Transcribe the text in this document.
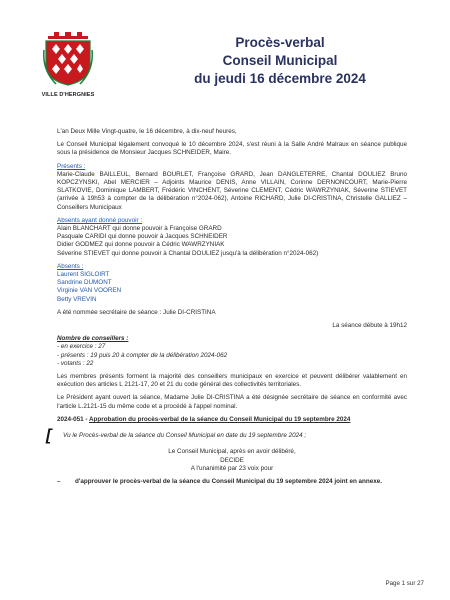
VILLE D'HERGNIES
Procès-verbal
Conseil Municipal
du jeudi 16 décembre 2024

L'an Deux Mille Vingt-quatre, le 16 décembre, à dix-neuf heures,

Le Conseil Municipal légalement convoqué le 10 décembre 2024, s'est réuni à la Salle André Malraux en séance publique sous la présidence de Monsieur Jacques SCHNEIDER, Maire.

Présents :

Marie-Claude BAILLEUL, Bernard BOURLET, Françoise GRARD, Jean DANGLETERRE, Chantal DOULIEZ Bruno KOPCZYNSKI, Abel MERCIER – Adjoints Maurice DENIS, Anne VILLAIN, Corinne DERNONCOURT, Marie-Pierre SLATKOVIE, Dominique LAMBERT, Frédéric VINCHENT, Séverine CLEMENT, Cédric WAWRZYNIAK, Séverine STIEVET (arrivée à 19h53 à compter de la délibération n°2024-062), Antoine RICHARD, Julie DI-CRISTINA, Christelle GALLIEZ – Conseillers Municipaux

Absents ayant donné pouvoir :

Alain BLANCHART qui donne pouvoir à Françoise GRARD

Pasquale CARIDI qui donne pouvoir à Jacques SCHNEIDER

Didier GODMEZ qui donne pouvoir à Cédric WAWRZYNIAK

Séverine STIEVET qui donne pouvoir à Chantal DOULIEZ jusqu'à la délibération n°2024-062)

Absents :

Laurent SIGLOIRT

Sandrine DUMONT

Virginie VAN VOOREN

Betty VREVIN

A été nommée secrétaire de séance : Julie DI-CRISTINA

La séance débute à 19h12

Nombre de conseillers :

- en exercice : 27

- présents : 19 puis 20 à compter de la délibération 2024-062

- votants : 22

Les membres présents forment la majorité des conseillers municipaux en exercice et peuvent délibérer valablement en exécution des articles L 2121-17, 20 et 21 du code général des collectivités territoriales.

Le Président ayant ouvert la séance, Madame Julie DI-CRISTINA a été désignée secrétaire de séance en conformité avec l'article L.2121-15 du même code et a procédé à l'appel nominal.

2024-051 - Approbation du procès-verbal de la séance du Conseil Municipal du 19 septembre 2024

[ Vu le Procès-verbal de la séance du Conseil Municipal en date du 19 septembre 2024 ;

Le Conseil Municipal, après en avoir délibéré,

DECIDE

A l'unanimité par 23 voix pour

–	d'approuver le procès-verbal de la séance du Conseil Municipal du 19 septembre 2024 joint en annexe.
Page 1 sur 27
